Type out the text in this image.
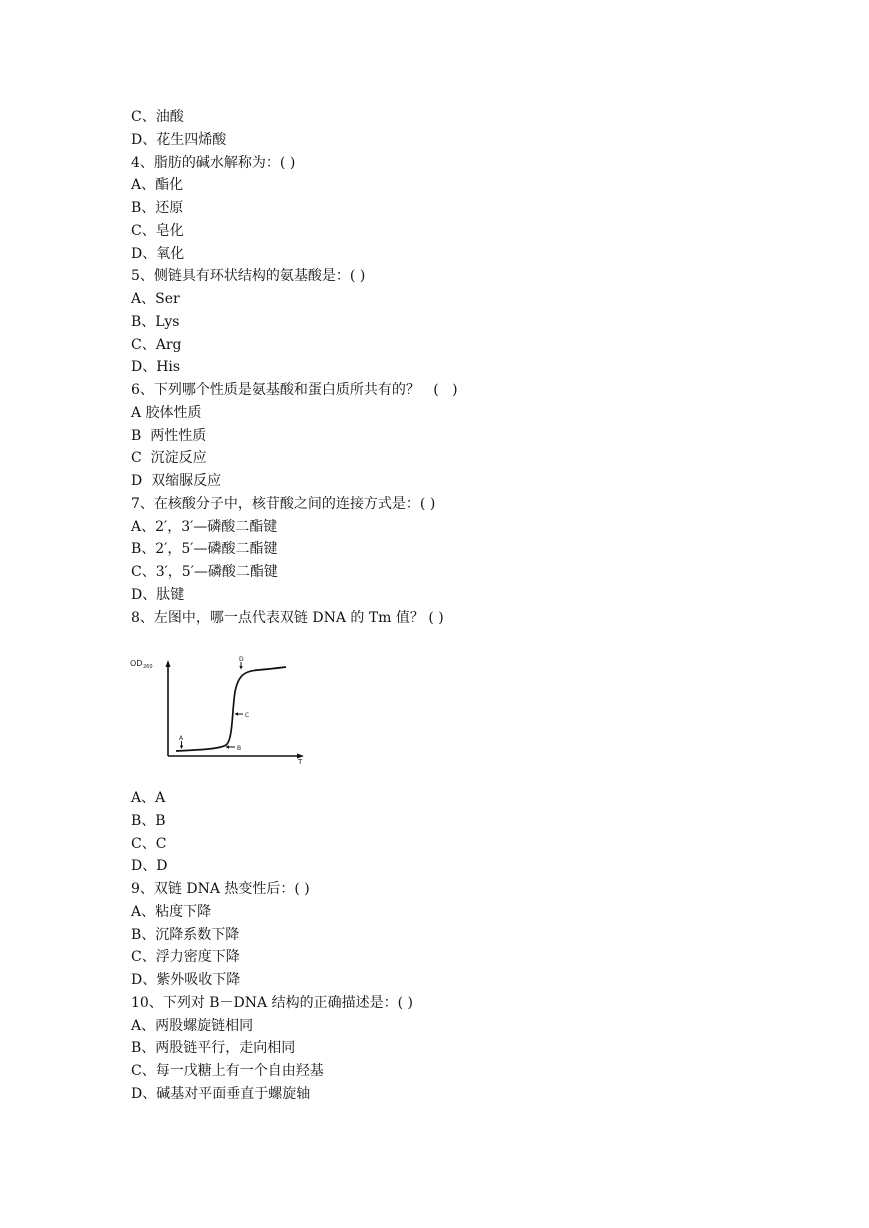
C、油酸
D、花生四烯酸
4、脂肪的碱水解称为：( )
A、酯化
B、还原
C、皂化
D、氧化
5、侧链具有环状结构的氨基酸是：( )
A、Ser
B、Lys
C、Arg
D、His
6、下列哪个性质是氨基酸和蛋白质所共有的？   (   )
A 胶体性质
B  两性性质
C  沉淀反应
D  双缩脲反应
7、在核酸分子中，核苷酸之间的连接方式是：( )
A、2′，3′—磷酸二酯键
B、2′，5′—磷酸二酯键
C、3′，5′—磷酸二酯键
D、肽键
8、左图中，哪一点代表双链 DNA 的 Tm 值？ ( )
OD 260
T
A
B
C
D
A、A
B、B
C、C
D、D
9、双链 DNA 热变性后：( )
A、粘度下降
B、沉降系数下降
C、浮力密度下降
D、紫外吸收下降
10、下列对 B－DNA 结构的正确描述是：( )
A、两股螺旋链相同
B、两股链平行，走向相同
C、每一戊糖上有一个自由羟基
D、碱基对平面垂直于螺旋轴
